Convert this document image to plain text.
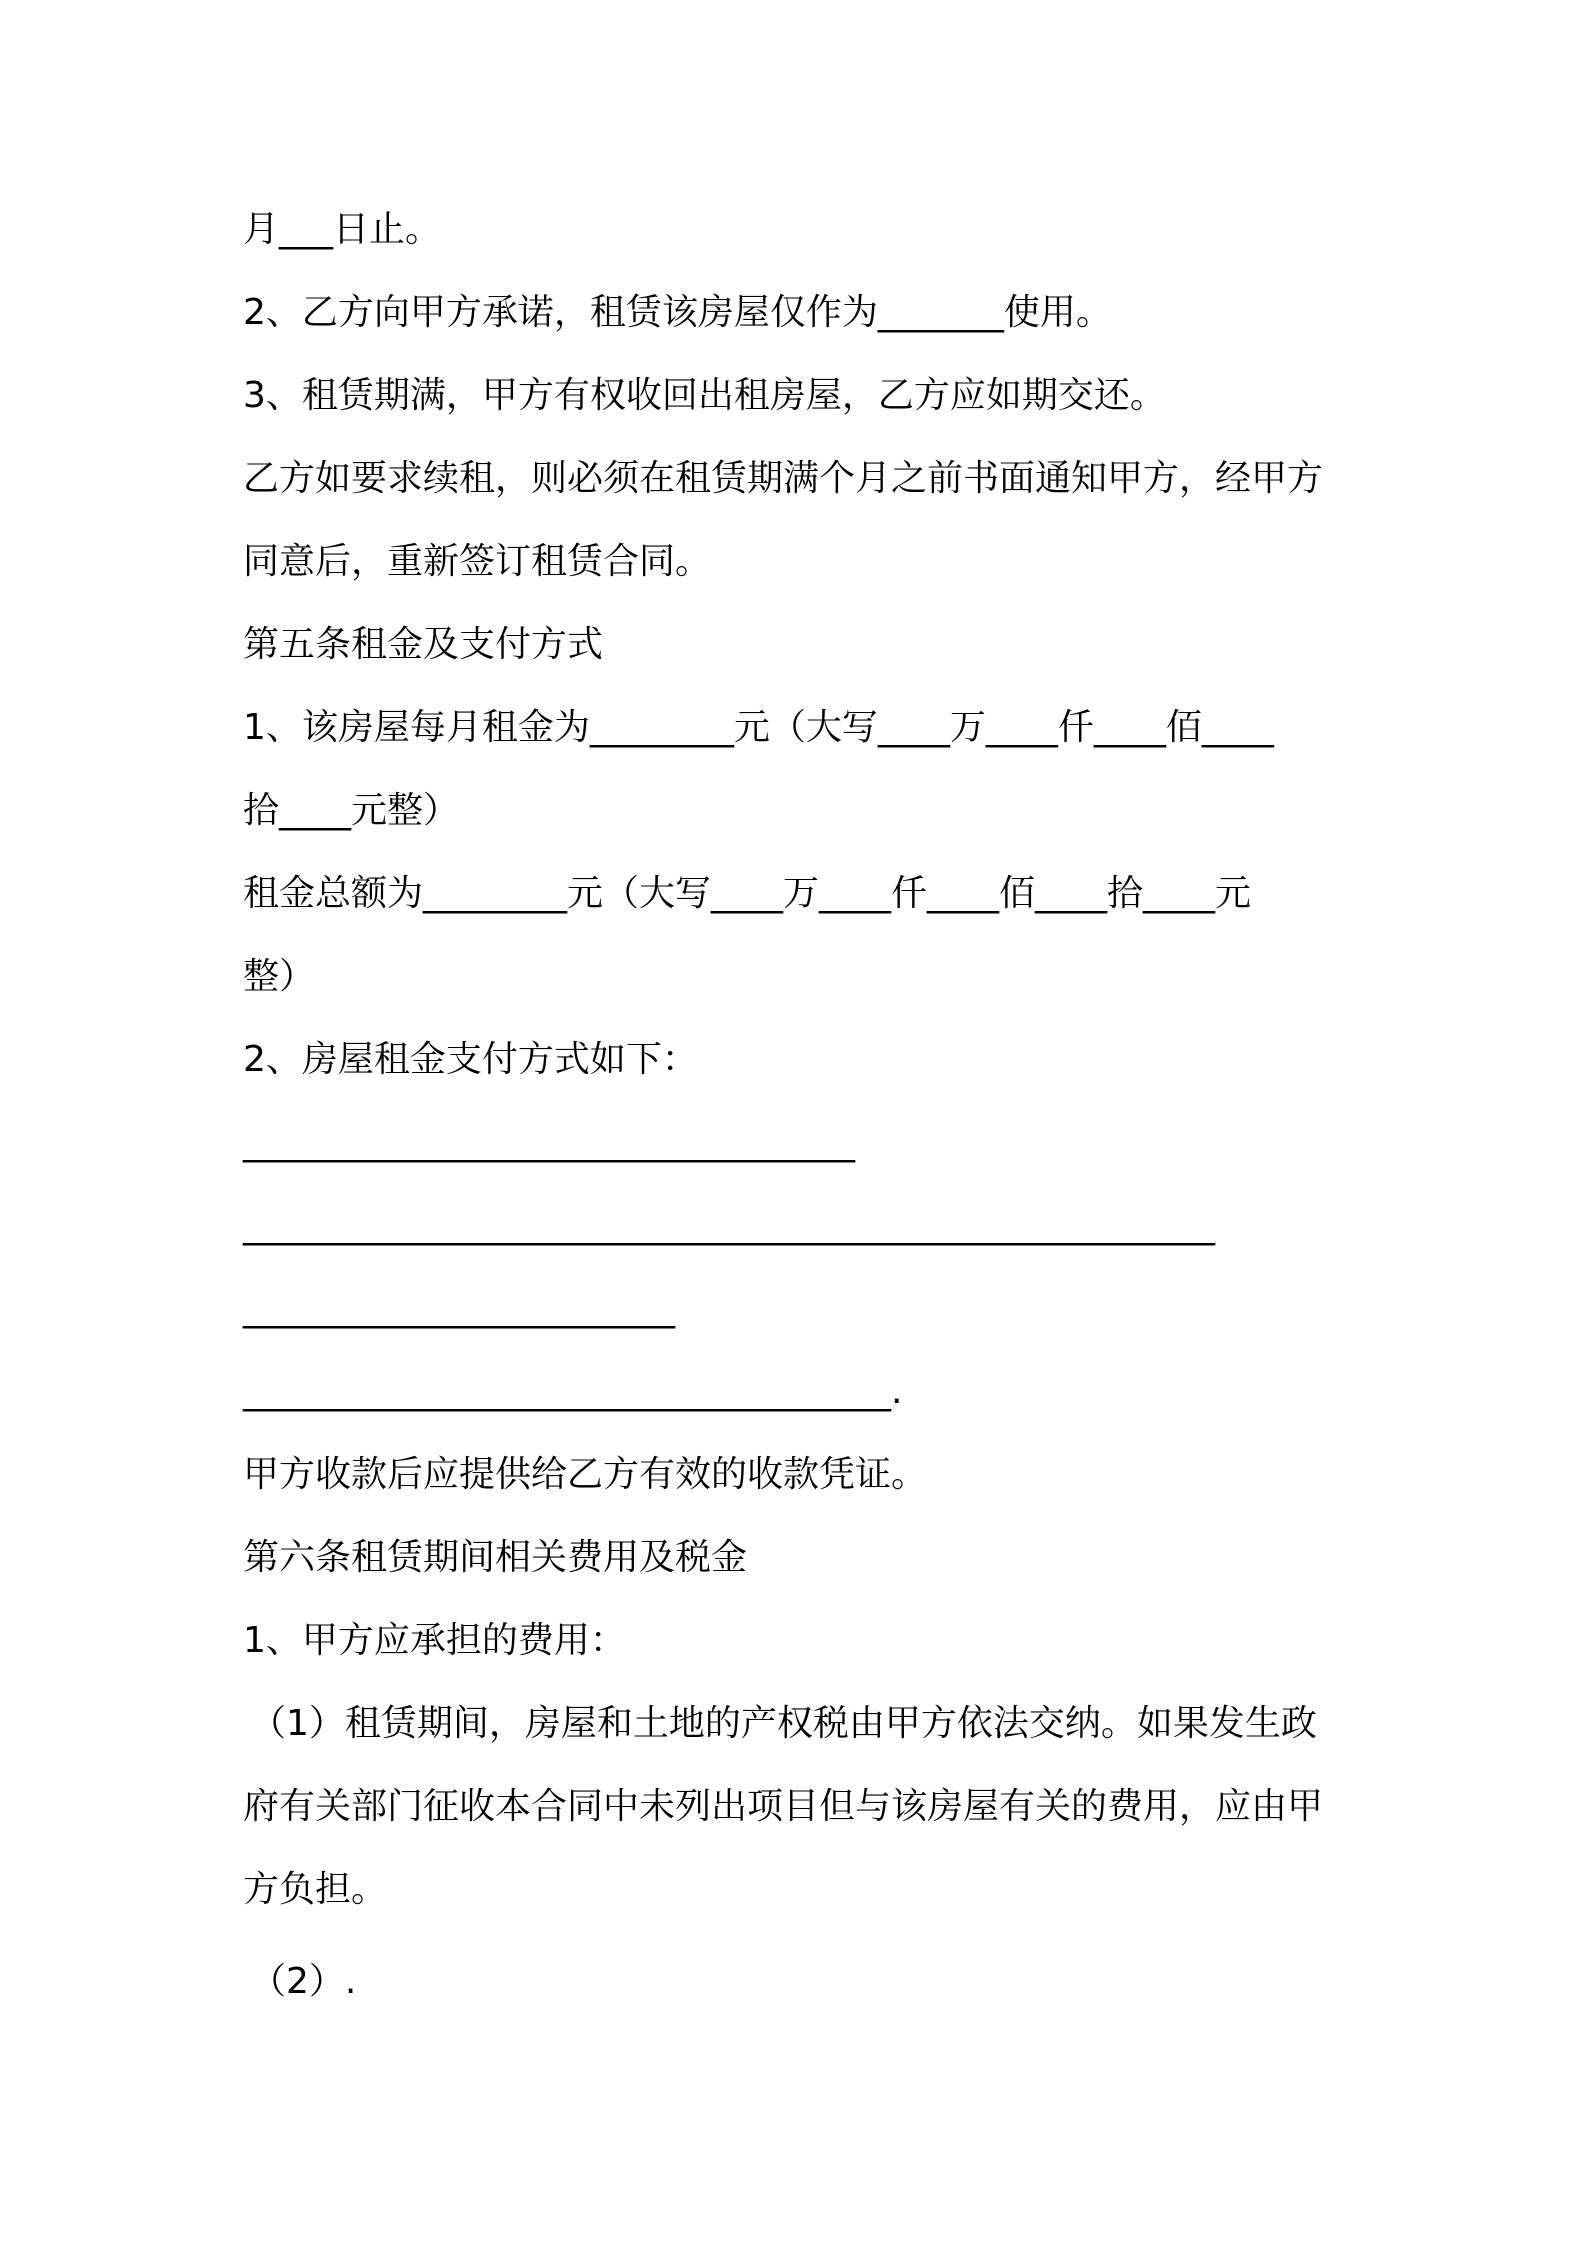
月___日止。
2、乙方向甲方承诺，租赁该房屋仅作为_______使用。
3、租赁期满，甲方有权收回出租房屋，乙方应如期交还。
乙方如要求续租，则必须在租赁期满个月之前书面通知甲方，经甲方
同意后，重新签订租赁合同。
第五条租金及支付方式
1、该房屋每月租金为________元（大写____万____仟____佰____
拾____元整）
租金总额为________元（大写____万____仟____佰____拾____元
整）
2、房屋租金支付方式如下：
__________________________________
______________________________________________________
________________________
____________________________________.
甲方收款后应提供给乙方有效的收款凭证。
第六条租赁期间相关费用及税金
1、甲方应承担的费用：
（1）租赁期间，房屋和土地的产权税由甲方依法交纳。如果发生政
府有关部门征收本合同中未列出项目但与该房屋有关的费用，应由甲
方负担。
（2）.
